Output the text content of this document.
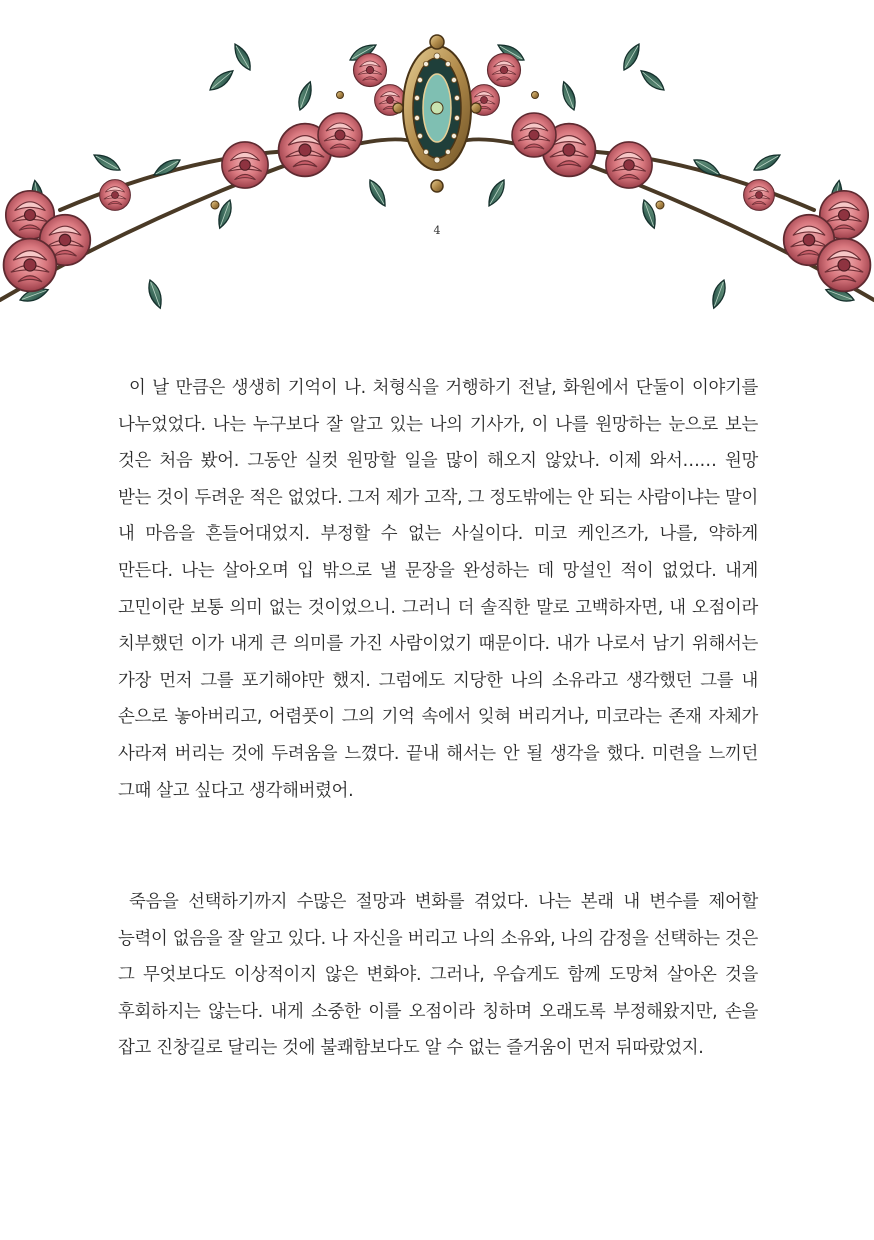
4
이 날 만큼은 생생히 기억이 나. 처형식을 거행하기 전날, 화원에서 단둘이 이야기를 나누었었다. 나는 누구보다 잘 알고 있는 나의 기사가, 이 나를 원망하는 눈으로 보는 것은 처음 봤어. 그동안 실컷 원망할 일을 많이 해오지 않았나. 이제 와서…… 원망 받는 것이 두려운 적은 없었다. 그저 제가 고작, 그 정도밖에는 안 되는 사람이냐는 말이 내 마음을 흔들어대었지. 부정할 수 없는 사실이다. 미코 케인즈가, 나를, 약하게 만든다. 나는 살아오며 입 밖으로 낼 문장을 완성하는 데 망설인 적이 없었다. 내게 고민이란 보통 의미 없는 것이었으니. 그러니 더 솔직한 말로 고백하자면, 내 오점이라 치부했던 이가 내게 큰 의미를 가진 사람이었기 때문이다. 내가 나로서 남기 위해서는 가장 먼저 그를 포기해야만 했지. 그럼에도 지당한 나의 소유라고 생각했던 그를 내 손으로 놓아버리고, 어렴풋이 그의 기억 속에서 잊혀 버리거나, 미코라는 존재 자체가 사라져 버리는 것에 두려움을 느꼈다. 끝내 해서는 안 될 생각을 했다. 미련을 느끼던 그때 살고 싶다고 생각해버렸어.
죽음을 선택하기까지 수많은 절망과 변화를 겪었다. 나는 본래 내 변수를 제어할 능력이 없음을 잘 알고 있다. 나 자신을 버리고 나의 소유와, 나의 감정을 선택하는 것은 그 무엇보다도 이상적이지 않은 변화야. 그러나, 우습게도 함께 도망쳐 살아온 것을 후회하지는 않는다. 내게 소중한 이를 오점이라 칭하며 오래도록 부정해왔지만, 손을 잡고 진창길로 달리는 것에 불쾌함보다도 알 수 없는 즐거움이 먼저 뒤따랐었지.
